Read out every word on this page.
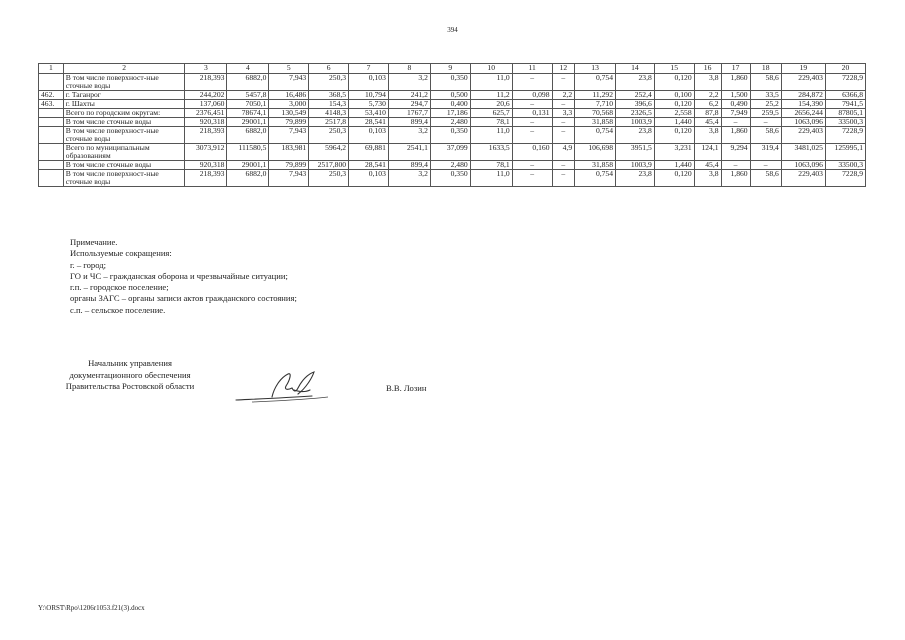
394
1	2	3	4	5	6	7	8	9	10	11	12	13	14	15	16	17	18	19	20
	В том числе поверхност-ные сточные воды	218,393	6882,0	7,943	250,3	0,103	3,2	0,350	11,0	–	–	0,754	23,8	0,120	3,8	1,860	58,6	229,403	7228,9
462.	г. Таганрог	244,202	5457,8	16,486	368,5	10,794	241,2	0,500	11,2	0,098	2,2	11,292	252,4	0,100	2,2	1,500	33,5	284,872	6366,8
463.	г. Шахты	137,060	7050,1	3,000	154,3	5,730	294,7	0,400	20,6	–	–	7,710	396,6	0,120	6,2	0,490	25,2	154,390	7941,5
	Всего по городским округам:	2376,451	78674,1	130,549	4148,3	53,410	1767,7	17,186	625,7	0,131	3,3	70,568	2326,5	2,558	87,8	7,949	259,5	2656,244	87805,1
	В том числе сточные воды	920,318	29001,1	79,899	2517,8	28,541	899,4	2,480	78,1	–	–	31,858	1003,9	1,440	45,4	–	–	1063,096	33500,3
	В том числе поверхност-ные сточные воды	218,393	6882,0	7,943	250,3	0,103	3,2	0,350	11,0	–	–	0,754	23,8	0,120	3,8	1,860	58,6	229,403	7228,9
	Всего по муниципальным образованиям	3073,912	111580,5	183,981	5964,2	69,881	2541,1	37,099	1633,5	0,160	4,9	106,698	3951,5	3,231	124,1	9,294	319,4	3481,025	125995,1
	В том числе сточные воды	920,318	29001,1	79,899	2517,800	28,541	899,4	2,480	78,1	–	–	31,858	1003,9	1,440	45,4	–	–	1063,096	33500,3
	В том числе поверхност-ные сточные воды	218,393	6882,0	7,943	250,3	0,103	3,2	0,350	11,0	–	–	0,754	23,8	0,120	3,8	1,860	58,6	229,403	7228,9
Примечание.
Используемые сокращения:
г. – город;
ГО и ЧС – гражданская оборона и чрезвычайные ситуации;
г.п. – городское поселение;
органы ЗАГС – органы записи актов гражданского состояния;
с.п. – сельское поселение.
Начальник управления
документационного обеспечения
Правительства Ростовской области	В.В. Лозин
Y:\ORST\Rpo\1206r1053.f21(3).docx
